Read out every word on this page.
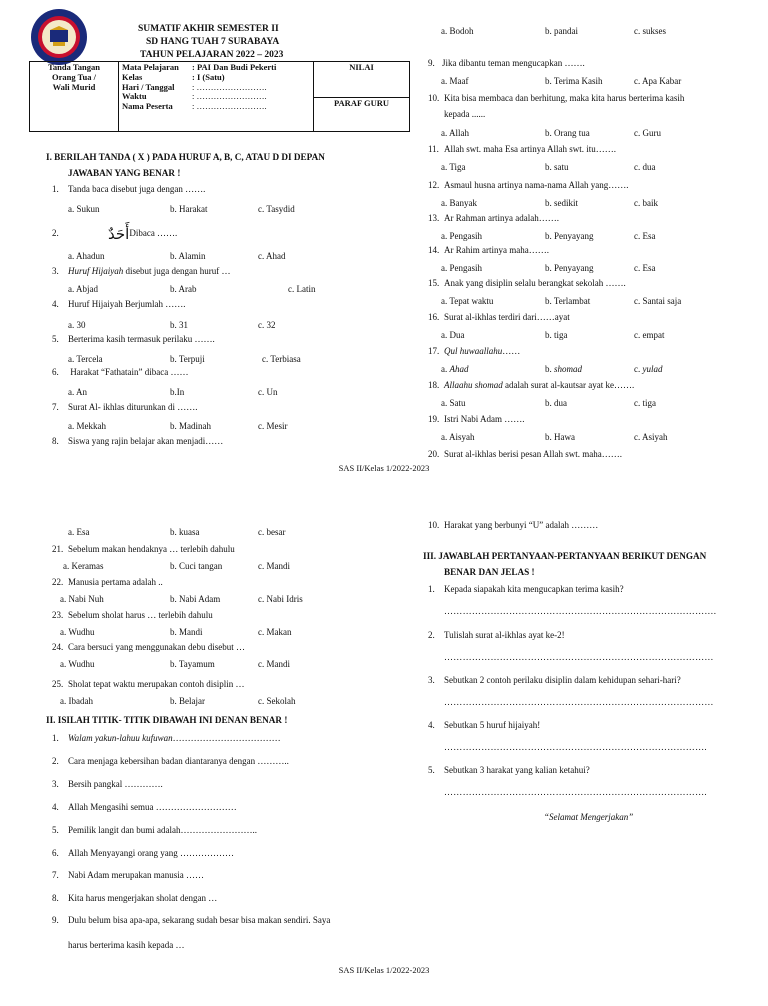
SUMATIF AKHIR SEMESTER II
SD HANG TUAH 7 SURABAYA
TAHUN PELAJARAN 2022 – 2023
Tanda Tangan
Orang Tua /
Wali Murid

Mata Pelajaran	: PAI Dan Budi Pekerti
Kelas	: I (Satu)
Hari / Tanggal	: …………………….
Waktu	: …………………….
Nama Peserta	: …………………….

NILAI
PARAF GURU
I. BERILAH TANDA ( X ) PADA HURUF A, B, C, ATAU D DI DEPAN
JAWABAN YANG BENAR !
1. Tanda baca disebut juga dengan …….
a. Sukun	b. Harakat	c. Tasydid
2.	أَحَدٌDibaca …….
a. Ahadun	b. Alamin	c. Ahad
3. Huruf Hijaiyah disebut juga dengan huruf …
a. Abjad	b. Arab	c. Latin
4. Huruf Hijaiyah Berjumlah …….
a. 30	b. 31	c. 32
5. Berterima kasih termasuk perilaku …….
a. Tercela	b. Terpuji	c. Terbiasa
6. Harakat “Fathatain” dibaca ……
a. An	b.In	c. Un
7. Surat Al- ikhlas diturunkan di …….
a. Mekkah	b. Madinah	c. Mesir
8. Siswa yang rajin belajar akan menjadi……
a. Bodoh	b. pandai	c. sukses
9. Jika dibantu teman mengucapkan …….
a. Maaf	b. Terima Kasih	c. Apa Kabar
10. Kita bisa membaca dan berhitung, maka kita harus berterima kasih
kepada ......
a. Allah	b. Orang tua	c. Guru
11. Allah swt. maha Esa artinya Allah swt. itu…….
a. Tiga	b. satu	c. dua
12. Asmaul husna artinya nama-nama Allah yang…….
a. Banyak	b. sedikit	c. baik
13. Ar Rahman artinya adalah…….
a. Pengasih	b. Penyayang	c. Esa
14. Ar Rahim artinya maha…….
a. Pengasih	b. Penyayang	c. Esa
15. Anak yang disiplin selalu berangkat sekolah …….
a. Tepat waktu	b. Terlambat	c. Santai saja
16. Surat al-ikhlas terdiri dari……ayat
a. Dua	b. tiga	c. empat
17. Qul huwaallahu……
a. Ahad	b. shomad	c. yulad
18. Allaahu shomad adalah surat al-kautsar ayat ke…….
a. Satu	b. dua	c. tiga
19. Istri Nabi Adam …….
a. Aisyah	b. Hawa	c. Asiyah
20. Surat al-ikhlas berisi pesan Allah swt. maha…….
SAS II/Kelas 1/2022-2023
a. Esa	b. kuasa	c. besar
21. Sebelum makan hendaknya … terlebih dahulu
a. Keramas	b. Cuci tangan	c. Mandi
22. Manusia pertama adalah ..
a. Nabi Nuh	b. Nabi Adam	c. Nabi Idris
23. Sebelum sholat harus … terlebih dahulu
a. Wudhu	b. Mandi	c. Makan
24. Cara bersuci yang menggunakan debu disebut …
a. Wudhu	b. Tayamum	c. Mandi
25. Sholat tepat waktu merupakan contoh disiplin …
a. Ibadah	b. Belajar	c. Sekolah
II. ISILAH TITIK- TITIK DIBAWAH INI DENAN BENAR !
1. Walam yakun-lahuu kufuwan………………………………
2. Cara menjaga kebersihan badan diantaranya dengan ………..
3. Bersih pangkal ………….
4. Allah Mengasihi semua ………………………
5. Pemilik langit dan bumi adalah……………………..
6. Allah Menyayangi orang yang ………………
7. Nabi Adam merupakan manusia ……
8. Kita harus mengerjakan sholat dengan …
9. Dulu belum bisa apa-apa, sekarang sudah besar bisa makan sendiri. Saya
harus berterima kasih kepada …
10. Harakat yang berbunyi “U” adalah ………
III. JAWABLAH PERTANYAAN-PERTANYAAN BERIKUT DENGAN
BENAR DAN JELAS !
1. Kepada siapakah kita mengucapkan terima kasih?
…………………………………………………………………………….
2. Tulislah surat al-ikhlas ayat ke-2!
……………………………………………………………………………
3. Sebutkan 2 contoh perilaku disiplin dalam kehidupan sehari-hari?
……………………………………………………………………………
4. Sebutkan 5 huruf hijaiyah!
………………………………………………………………………….
5. Sebutkan 3 harakat yang kalian ketahui?
………………………………………………………………………….
“Selamat Mengerjakan”
SAS II/Kelas 1/2022-2023
